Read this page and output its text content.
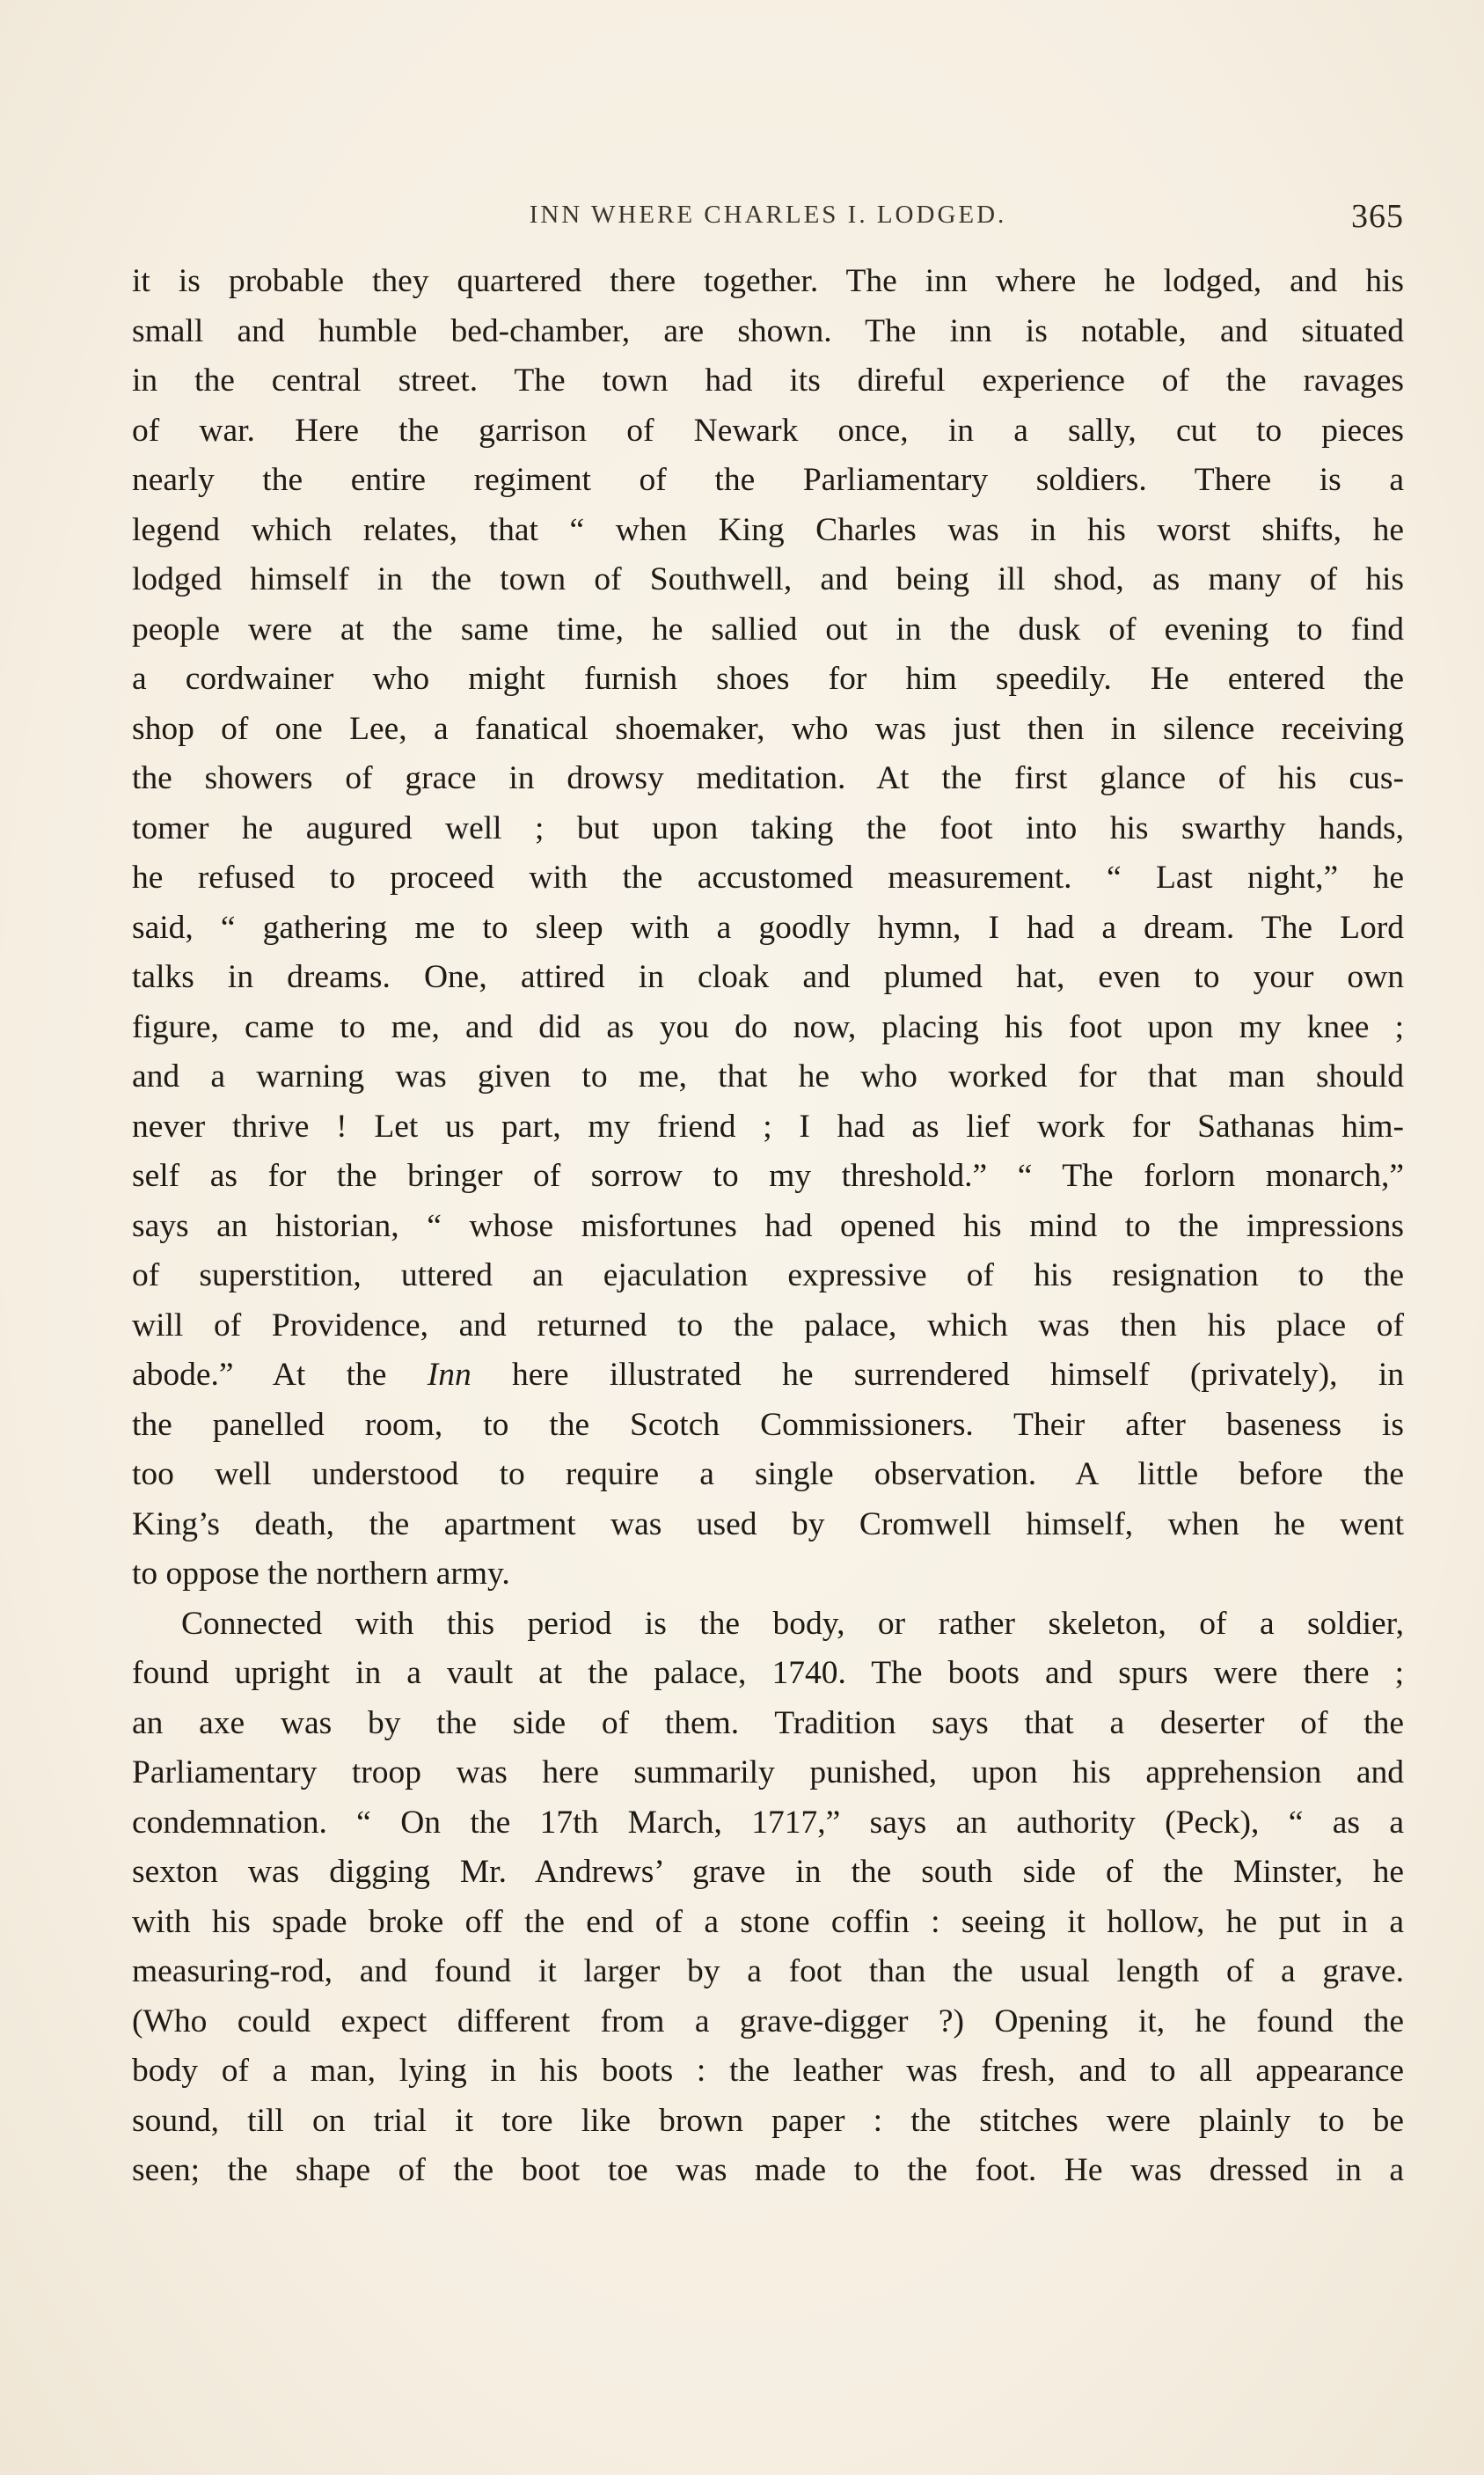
INN WHERE CHARLES I. LODGED.	365
it is probable they quartered there together. The inn where he lodged, and his
small and humble bed-chamber, are shown. The inn is notable, and situated
in the central street. The town had its direful experience of the ravages
of war. Here the garrison of Newark once, in a sally, cut to pieces
nearly the entire regiment of the Parliamentary soldiers. There is a
legend which relates, that “ when King Charles was in his worst shifts, he
lodged himself in the town of Southwell, and being ill shod, as many of his
people were at the same time, he sallied out in the dusk of evening to find
a cordwainer who might furnish shoes for him speedily. He entered the
shop of one Lee, a fanatical shoemaker, who was just then in silence receiving
the showers of grace in drowsy meditation. At the first glance of his cus-
tomer he augured well ; but upon taking the foot into his swarthy hands,
he refused to proceed with the accustomed measurement. “ Last night,” he
said, “ gathering me to sleep with a goodly hymn, I had a dream. The Lord
talks in dreams. One, attired in cloak and plumed hat, even to your own
figure, came to me, and did as you do now, placing his foot upon my knee ;
and a warning was given to me, that he who worked for that man should
never thrive ! Let us part, my friend ; I had as lief work for Sathanas him-
self as for the bringer of sorrow to my threshold.” “ The forlorn monarch,”
says an historian, “ whose misfortunes had opened his mind to the impressions
of superstition, uttered an ejaculation expressive of his resignation to the
will of Providence, and returned to the palace, which was then his place of
abode.” At the Inn here illustrated he surrendered himself (privately), in
the panelled room, to the Scotch Commissioners. Their after baseness is
too well understood to require a single observation. A little before the
King’s death, the apartment was used by Cromwell himself, when he went
to oppose the northern army.
Connected with this period is the body, or rather skeleton, of a soldier,
found upright in a vault at the palace, 1740. The boots and spurs were there ;
an axe was by the side of them. Tradition says that a deserter of the
Parliamentary troop was here summarily punished, upon his apprehension and
condemnation. “ On the 17th March, 1717,” says an authority (Peck), “ as a
sexton was digging Mr. Andrews’ grave in the south side of the Minster, he
with his spade broke off the end of a stone coffin : seeing it hollow, he put in a
measuring-rod, and found it larger by a foot than the usual length of a grave.
(Who could expect different from a grave-digger ?) Opening it, he found the
body of a man, lying in his boots : the leather was fresh, and to all appearance
sound, till on trial it tore like brown paper : the stitches were plainly to be
seen; the shape of the boot toe was made to the foot. He was dressed in a
